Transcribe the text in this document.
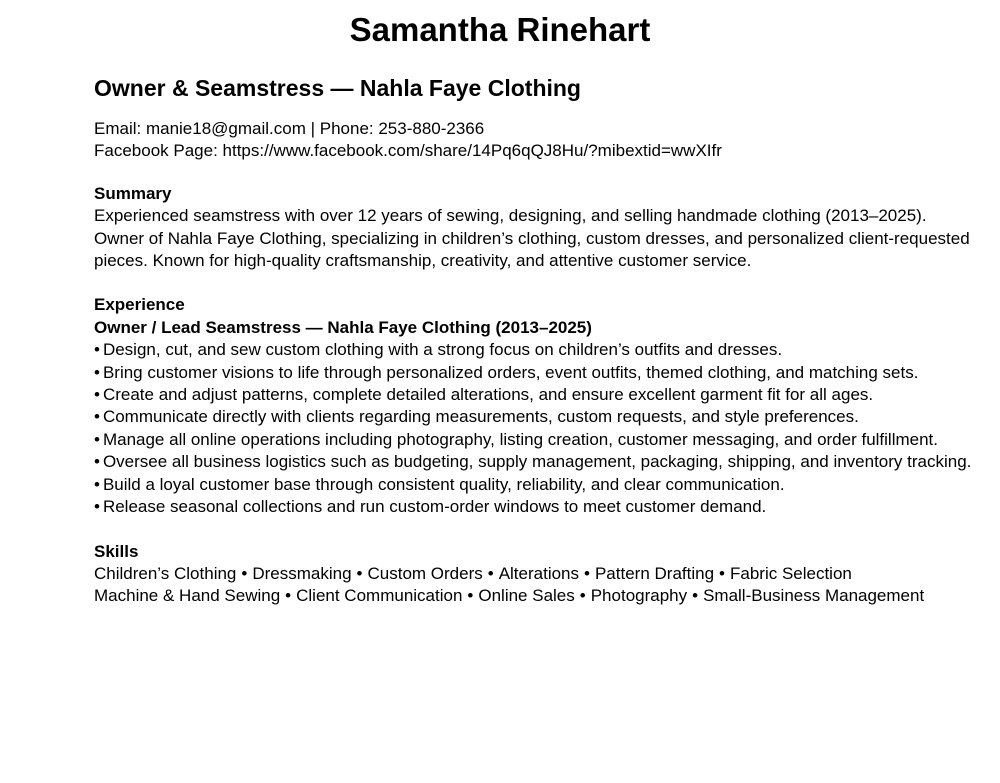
Samantha Rinehart
Owner & Seamstress — Nahla Faye Clothing

Email: manie18@gmail.com | Phone: 253-880-2366

Facebook Page: https://www.facebook.com/share/14Pq6qQJ8Hu/?mibextid=wwXIfr

Summary

Experienced seamstress with over 12 years of sewing, designing, and selling handmade clothing (2013–2025). Owner of Nahla Faye Clothing, specializing in children’s clothing, custom dresses, and personalized client-requested pieces. Known for high-quality craftsmanship, creativity, and attentive customer service.

Experience
Owner / Lead Seamstress — Nahla Faye Clothing (2013–2025)
• Design, cut, and sew custom clothing with a strong focus on children’s outfits and dresses.
• Bring customer visions to life through personalized orders, event outfits, themed clothing, and matching sets.
• Create and adjust patterns, complete detailed alterations, and ensure excellent garment fit for all ages.
• Communicate directly with clients regarding measurements, custom requests, and style preferences.
• Manage all online operations including photography, listing creation, customer messaging, and order fulfillment.
• Oversee all business logistics such as budgeting, supply management, packaging, shipping, and inventory tracking.
• Build a loyal customer base through consistent quality, reliability, and clear communication.
• Release seasonal collections and run custom-order windows to meet customer demand.
Skills

Children’s Clothing • Dressmaking • Custom Orders • Alterations • Pattern Drafting • Fabric Selection
Machine & Hand Sewing • Client Communication • Online Sales • Photography • Small-Business Management
